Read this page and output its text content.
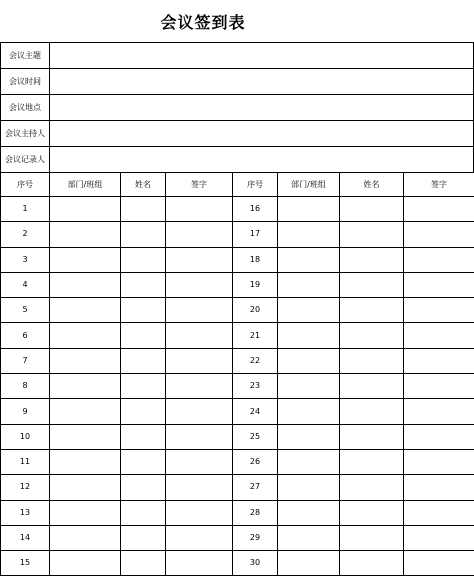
会议签到表
会议主题	
会议时间	
会议地点	
会议主持人	
会议记录人	
序号	部门/班组	姓名	签字	序号	部门/班组	姓名	签字
1				16			
2				17			
3				18			
4				19			
5				20			
6				21			
7				22			
8				23			
9				24			
10				25			
11				26			
12				27			
13				28			
14				29			
15				30			
